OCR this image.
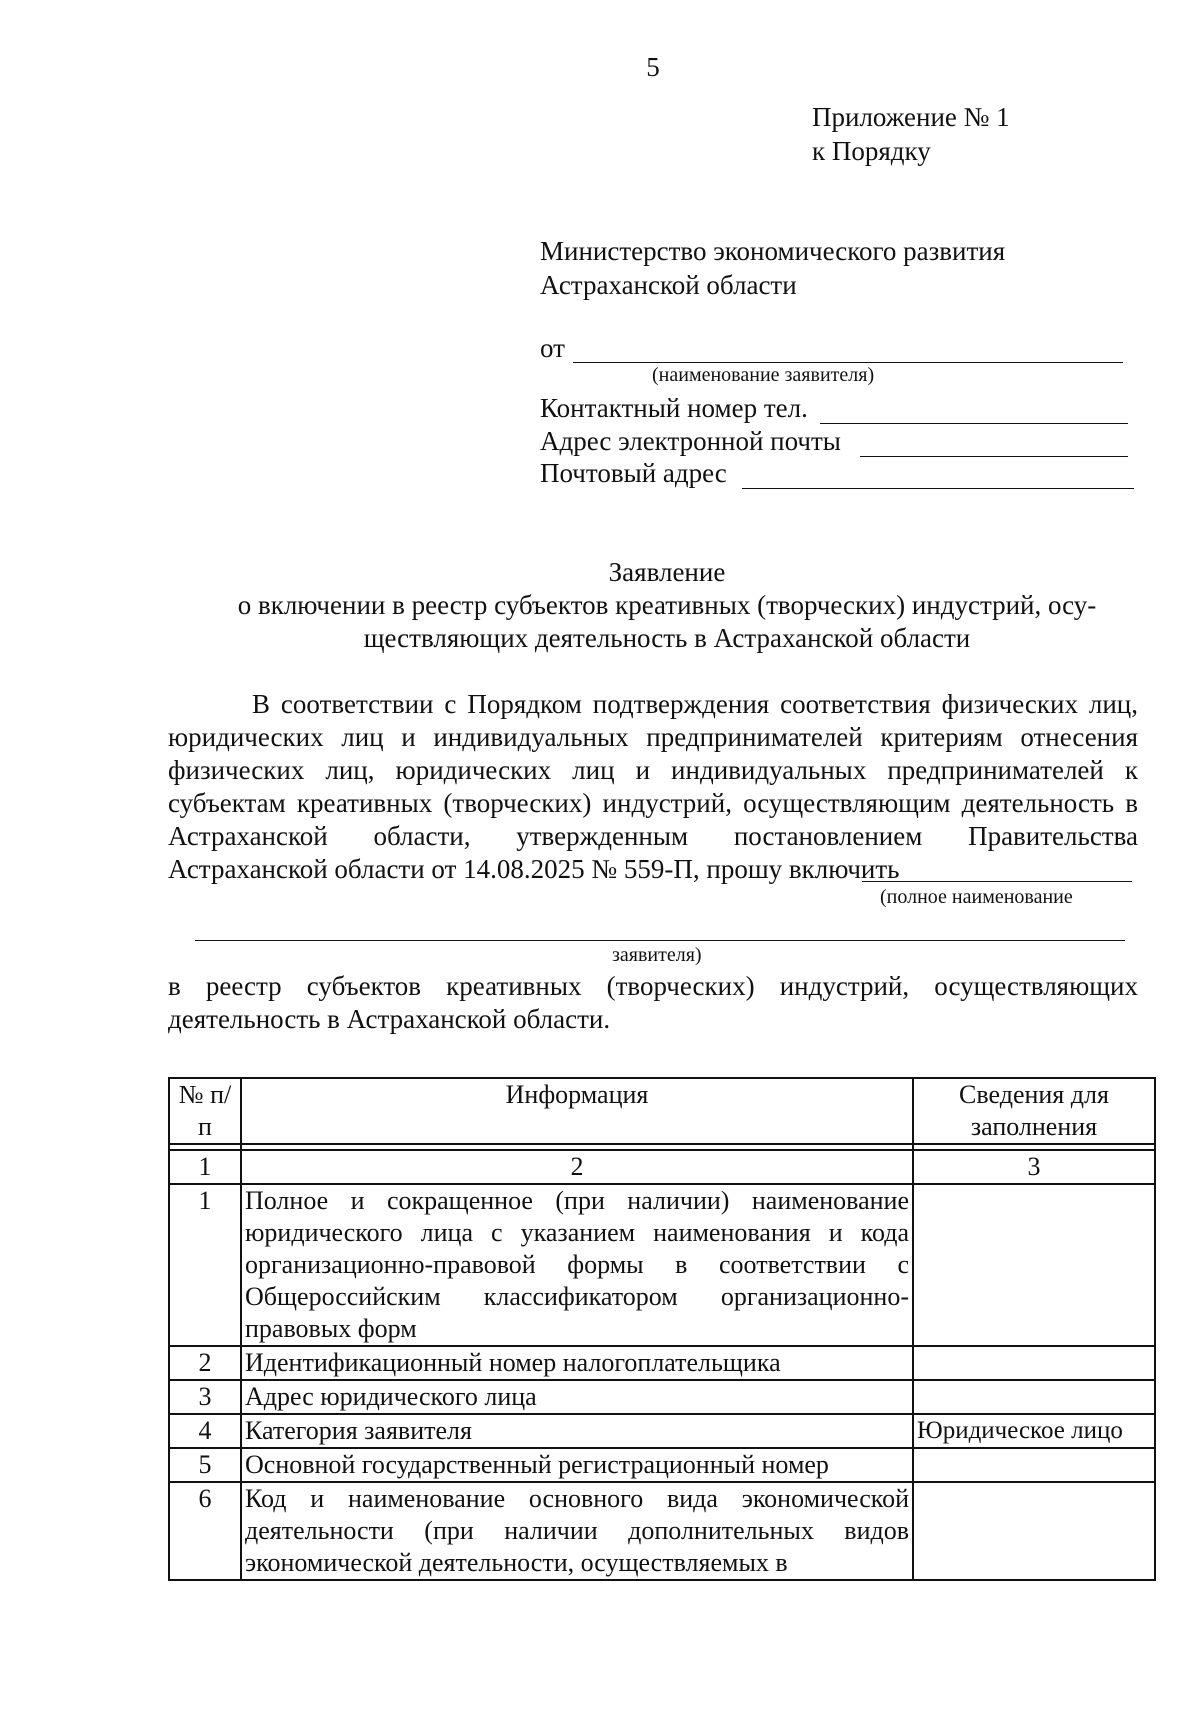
5
Приложение № 1
к Порядку
Министерство экономического развития Астраханской области
от
(наименование заявителя)
Контактный номер тел.
Адрес электронной почты
Почтовый адрес
Заявление
о включении в реестр субъектов креативных (творческих) индустрий, осу-
ществляющих деятельность в Астраханской области
В соответствии с Порядком подтверждения соответствия физических лиц, юридических лиц и индивидуальных предпринимателей критериям отнесения физических лиц, юридических лиц и индивидуальных предпринимателей к субъектам креативных (творческих) индустрий, осуществляющим деятельность в Астраханской области, утвержденным постановлением Правительства Астраханской области от 14.08.2025 № 559-П, прошу включить
(полное наименование
заявителя)
в реестр субъектов креативных (творческих) индустрий, осуществляющих деятельность в Астраханской области.
№ п/п	Информация	Сведения для заполнения

1	2	3
1	Полное и сокращенное (при наличии) наименование юридического лица с указанием наименования и кода организационно-правовой формы в соответствии с Общероссийским классификатором организационно-правовых форм	
2	Идентификационный номер налогоплательщика	
3	Адрес юридического лица	
4	Категория заявителя	Юридическое лицо
5	Основной государственный регистрационный номер	
6	Код и наименование основного вида экономической деятельности (при наличии дополнительных видов экономической деятельности, осуществляемых в	
